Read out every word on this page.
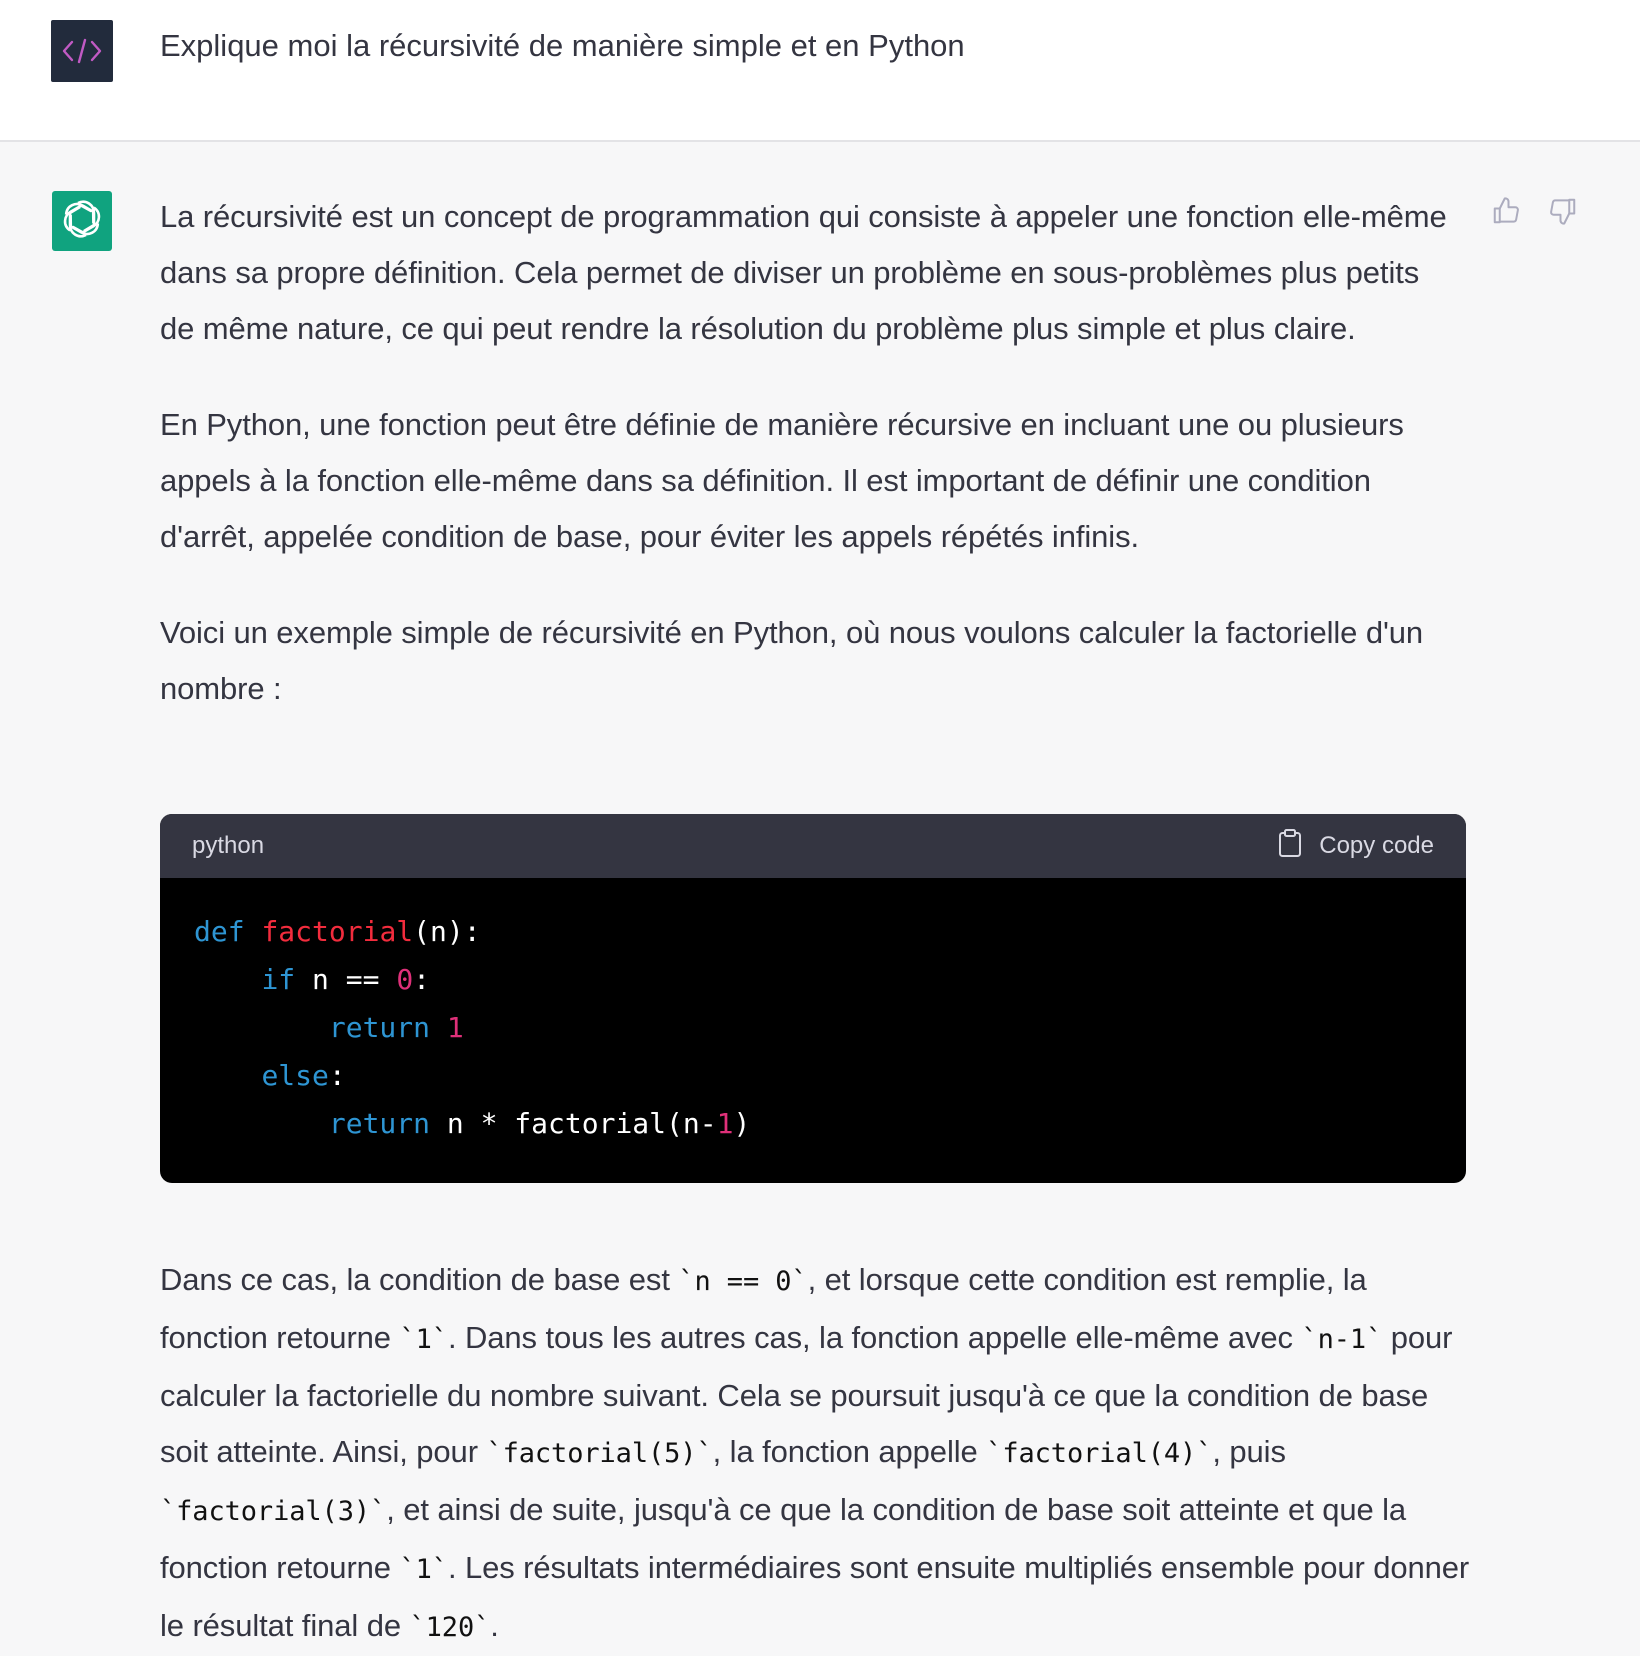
Explique moi la récursivité de manière simple et en Python

La récursivité est un concept de programmation qui consiste à appeler une fonction elle-même dans sa propre définition. Cela permet de diviser un problème en sous-problèmes plus petits de même nature, ce qui peut rendre la résolution du problème plus simple et plus claire.

En Python, une fonction peut être définie de manière récursive en incluant une ou plusieurs appels à la fonction elle-même dans sa définition. Il est important de définir une condition d'arrêt, appelée condition de base, pour éviter les appels répétés infinis.

Voici un exemple simple de récursivité en Python, où nous voulons calculer la factorielle d'un nombre :

python	Copy code
def factorial(n):
if n == 0:
return 1
else:
return n * factorial(n-1)

Dans ce cas, la condition de base est `n == 0`, et lorsque cette condition est remplie, la fonction retourne `1`. Dans tous les autres cas, la fonction appelle elle-même avec `n-1` pour calculer la factorielle du nombre suivant. Cela se poursuit jusqu'à ce que la condition de base soit atteinte. Ainsi, pour `factorial(5)`, la fonction appelle `factorial(4)`, puis `factorial(3)`, et ainsi de suite, jusqu'à ce que la condition de base soit atteinte et que la fonction retourne `1`. Les résultats intermédiaires sont ensuite multipliés ensemble pour donner le résultat final de `120`.
